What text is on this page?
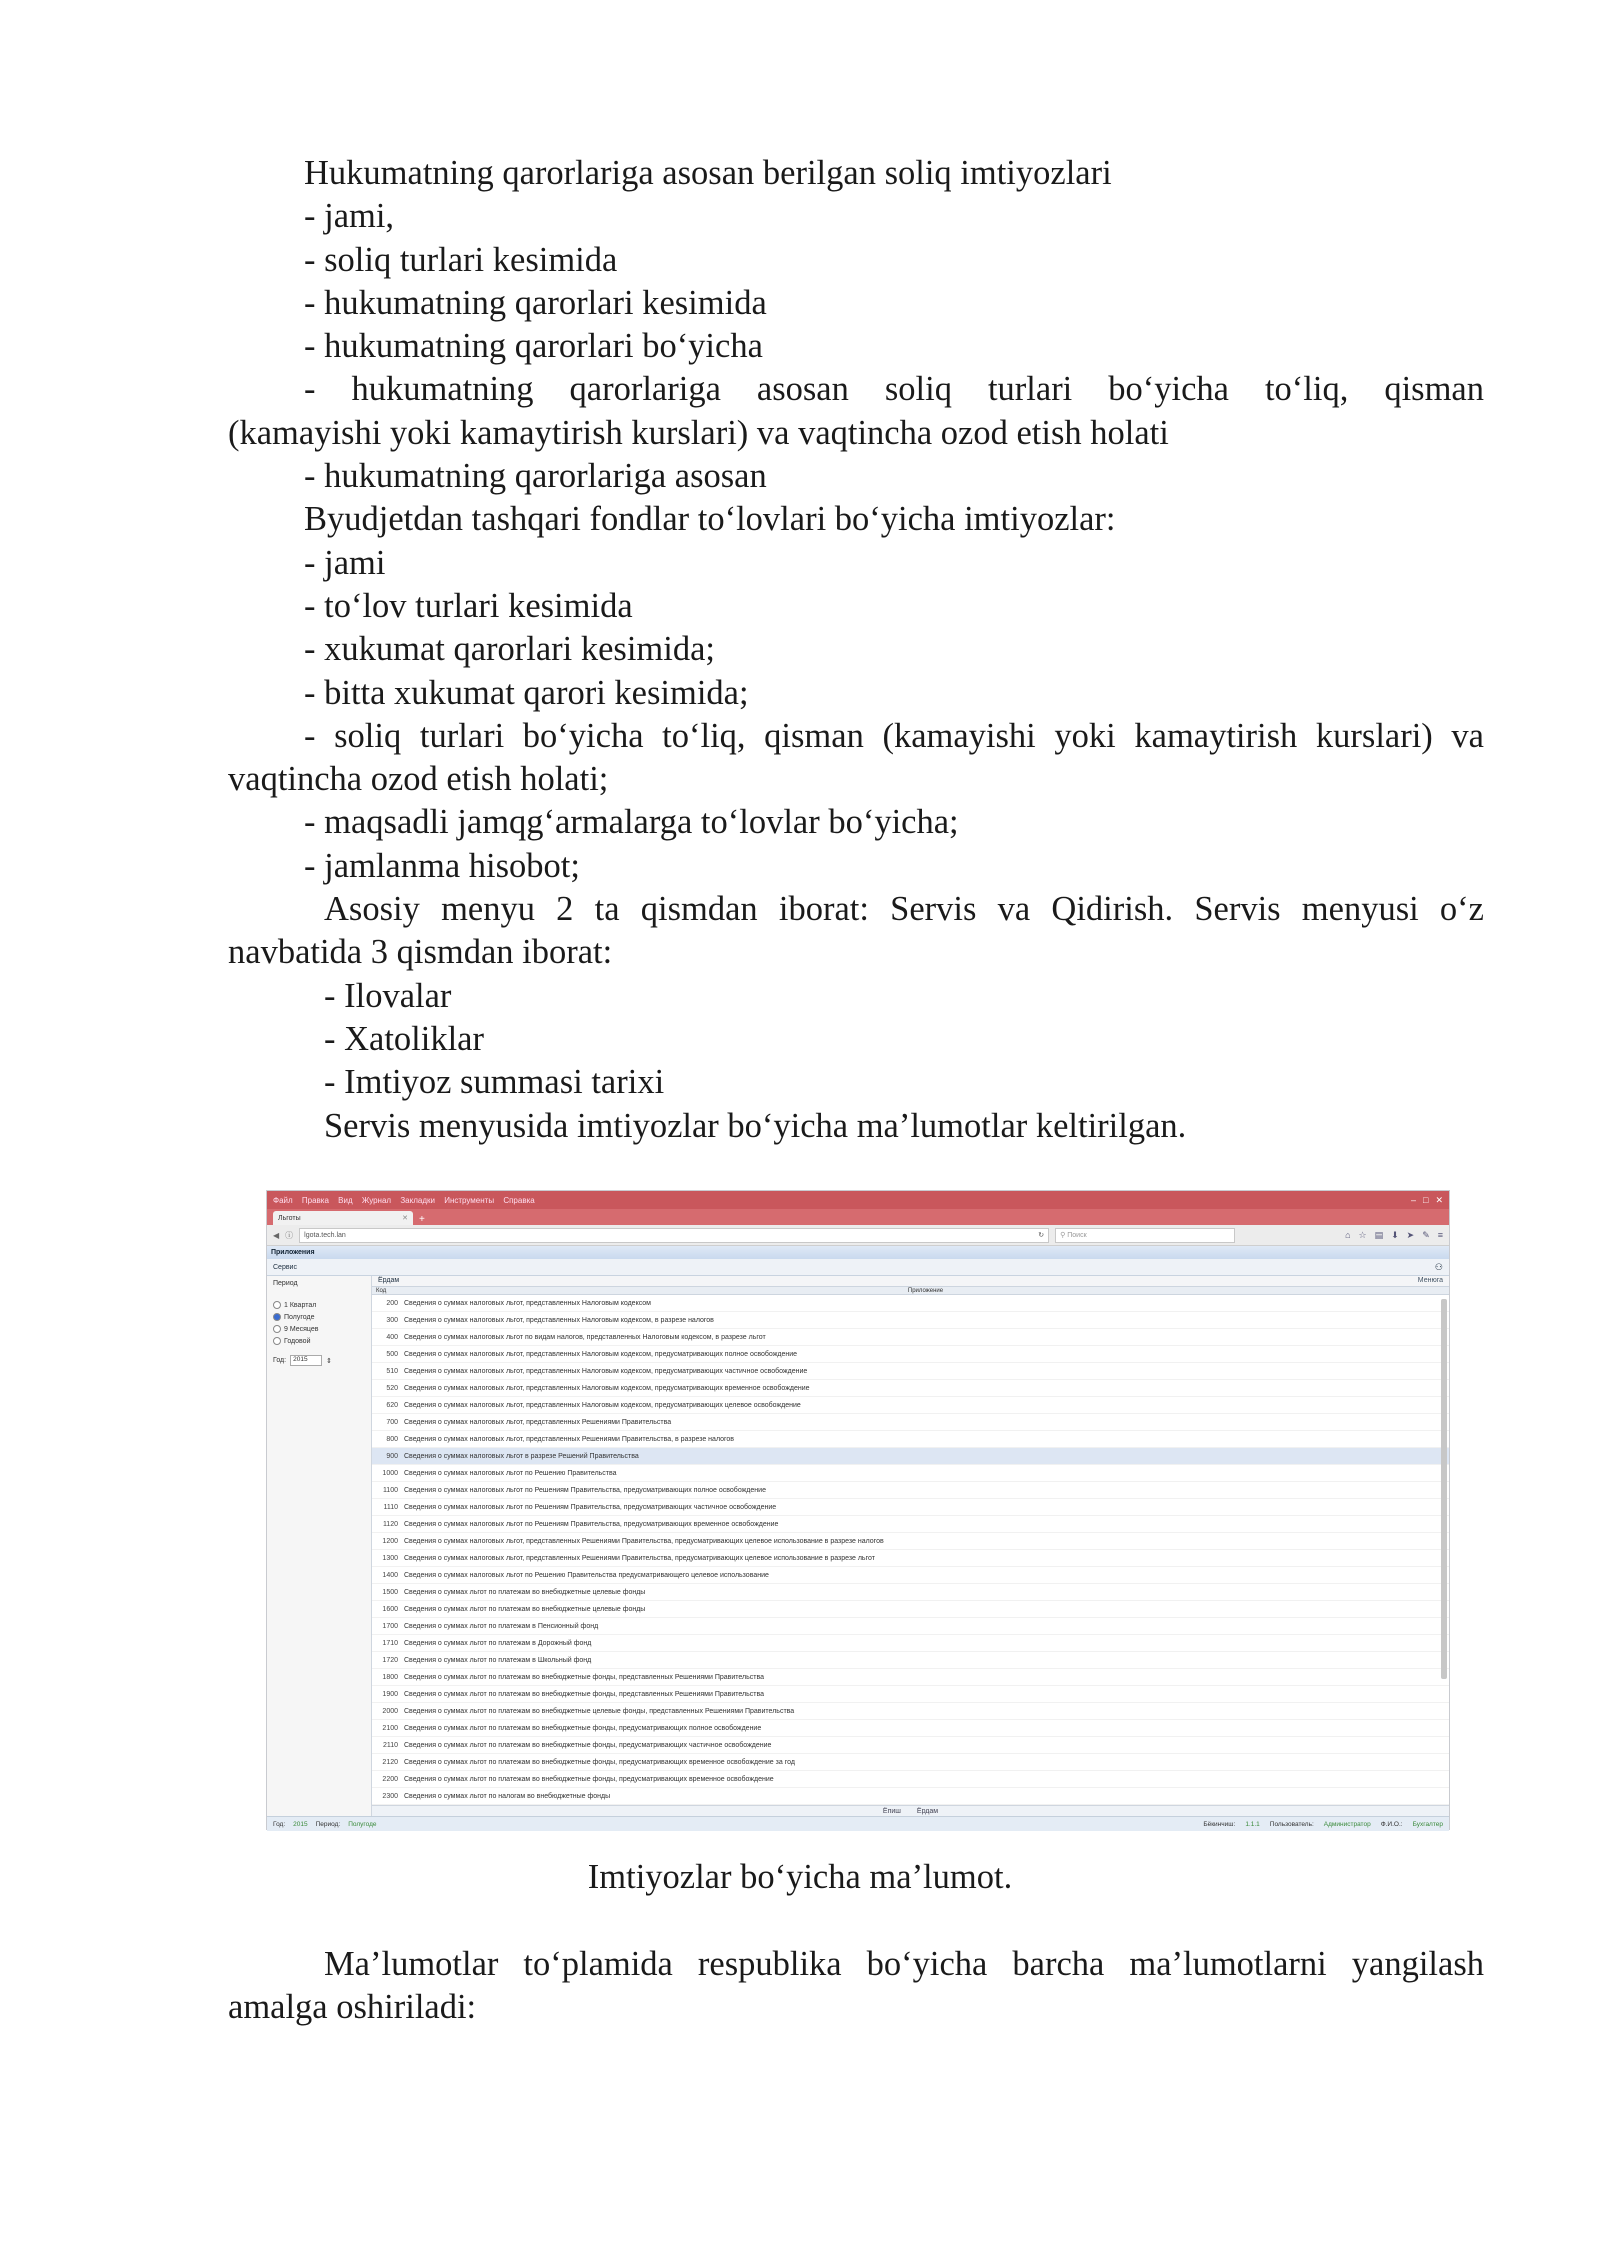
Hukumatning qarorlariga asosan berilgan soliq imtiyozlari
- jami,
- soliq turlari kesimida
- hukumatning qarorlari kesimida
- hukumatning qarorlari bo‘yicha
- hukumatning qarorlariga asosan soliq turlari bo‘yicha to‘liq, qisman
(kamayishi yoki kamaytirish kurslari) va vaqtincha ozod etish holati
- hukumatning qarorlariga asosan
Byudjetdan tashqari fondlar to‘lovlari bo‘yicha imtiyozlar:
- jami
- to‘lov turlari kesimida
- xukumat qarorlari kesimida;
- bitta xukumat qarori kesimida;
- soliq turlari bo‘yicha to‘liq, qisman (kamayishi yoki kamaytirish kurslari) va
vaqtincha ozod etish holati;
- maqsadli jamqg‘armalarga to‘lovlar bo‘yicha;
- jamlanma hisobot;
Asosiy menyu 2 ta qismdan iborat: Servis va Qidirish. Servis menyusi o‘z
navbatida 3 qismdan iborat:
- Ilovalar
- Xatoliklar
- Imtiyoz summasi tarixi
Servis menyusida imtiyozlar bo‘yicha ma’lumotlar keltirilgan.
Файл Правка Вид Журнал Закладки Инструменты Справка	– □ ✕
Льготы	✕ +
◀ ⓘ lgota.tech.lan	↻ ⚲ Поиск	⌂ ☆ ▤ ⬇ ➤ ✎ ≡
Приложения
Сервис	⚇
Период
1 Квартал
Полугоде
9 Месяцев
Годовой
Год:	2015	⇕
Ёрдам	Менюга
Код	Приложение
200 Сведения о суммах налоговых льгот, представленных Налоговым кодексом
300 Сведения о суммах налоговых льгот, представленных Налоговым кодексом, в разрезе налогов
400 Сведения о суммах налоговых льгот по видам налогов, представленных Налоговым кодексом, в разрезе льгот
500 Сведения о суммах налоговых льгот, представленных Налоговым кодексом, предусматривающих полное освобождение
510 Сведения о суммах налоговых льгот, представленных Налоговым кодексом, предусматривающих частичное освобождение
520 Сведения о суммах налоговых льгот, представленных Налоговым кодексом, предусматривающих временное освобождение
620 Сведения о суммах налоговых льгот, представленных Налоговым кодексом, предусматривающих целевое освобождение
700 Сведения о суммах налоговых льгот, представленных Решениями Правительства
800 Сведения о суммах налоговых льгот, представленных Решениями Правительства, в разрезе налогов
900 Сведения о суммах налоговых льгот в разрезе Решений Правительства
1000 Сведения о суммах налоговых льгот по Решению Правительства
1100 Сведения о суммах налоговых льгот по Решениям Правительства, предусматривающих полное освобождение
1110 Сведения о суммах налоговых льгот по Решениям Правительства, предусматривающих частичное освобождение
1120 Сведения о суммах налоговых льгот по Решениям Правительства, предусматривающих временное освобождение
1200 Сведения о суммах налоговых льгот, представленных Решениями Правительства, предусматривающих целевое использование в разрезе налогов
1300 Сведения о суммах налоговых льгот, представленных Решениями Правительства, предусматривающих целевое использование в разрезе льгот
1400 Сведения о суммах налоговых льгот по Решению Правительства предусматривающего целевое использование
1500 Сведения о суммах льгот по платежам во внебюджетные целевые фонды
1600 Сведения о суммах льгот по платежам во внебюджетные целевые фонды
1700 Сведения о суммах льгот по платежам в Пенсионный фонд
1710 Сведения о суммах льгот по платежам в Дорожный фонд
1720 Сведения о суммах льгот по платежам в Школьный фонд
1800 Сведения о суммах льгот по платежам во внебюджетные фонды, представленных Решениями Правительства
1900 Сведения о суммах льгот по платежам во внебюджетные фонды, представленных Решениями Правительства
2000 Сведения о суммах льгот по платежам во внебюджетные целевые фонды, представленных Решениями Правительства
2100 Сведения о суммах льгот по платежам во внебюджетные фонды, предусматривающих полное освобождение
2110 Сведения о суммах льгот по платежам во внебюджетные фонды, предусматривающих частичное освобождение
2120 Сведения о суммах льгот по платежам во внебюджетные фонды, предусматривающих временное освобождение за год
2200 Сведения о суммах льгот по платежам во внебюджетные фонды, предусматривающих временное освобождение
2300 Сведения о суммах льгот по налогам во внебюджетные фонды
Ёпиш Ёрдам
Год: 2015 Период: Полугоде	Бёкинчиш: 1.1.1 Пользователь: Администратор Ф.И.О.: Бухгалтер
Imtiyozlar bo‘yicha ma’lumot.
Ma’lumotlar to‘plamida respublika bo‘yicha barcha ma’lumotlarni yangilash
amalga oshiriladi:
